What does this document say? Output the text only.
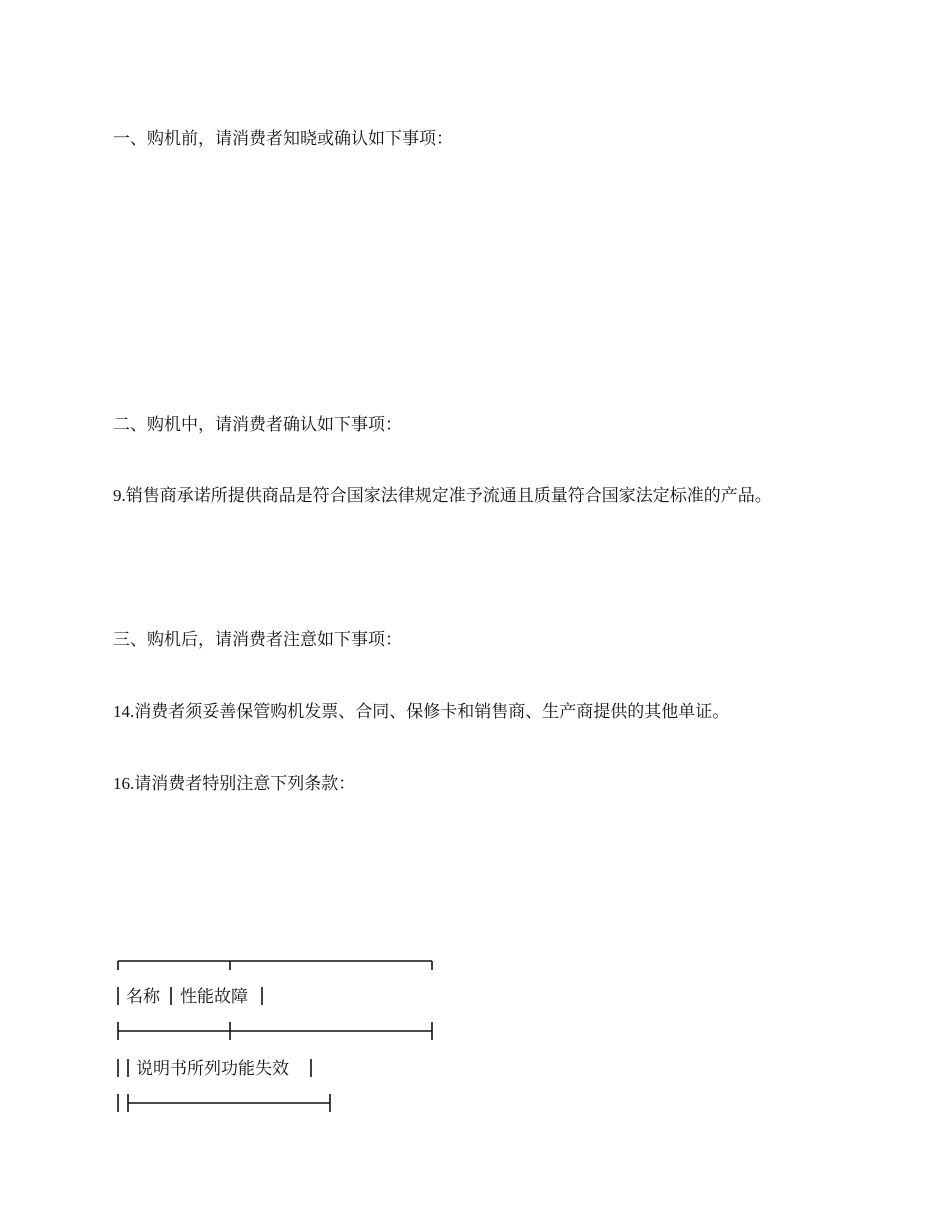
一、购机前，请消费者知晓或确认如下事项：
二、购机中，请消费者确认如下事项：
9.销售商承诺所提供商品是符合国家法律规定准予流通且质量符合国家法定标准的产品。
三、购机后，请消费者注意如下事项：
14.消费者须妥善保管购机发票、合同、保修卡和销售商、生产商提供的其他单证。
16.请消费者特别注意下列条款：
名称 性能故障
说明书所列功能失效
